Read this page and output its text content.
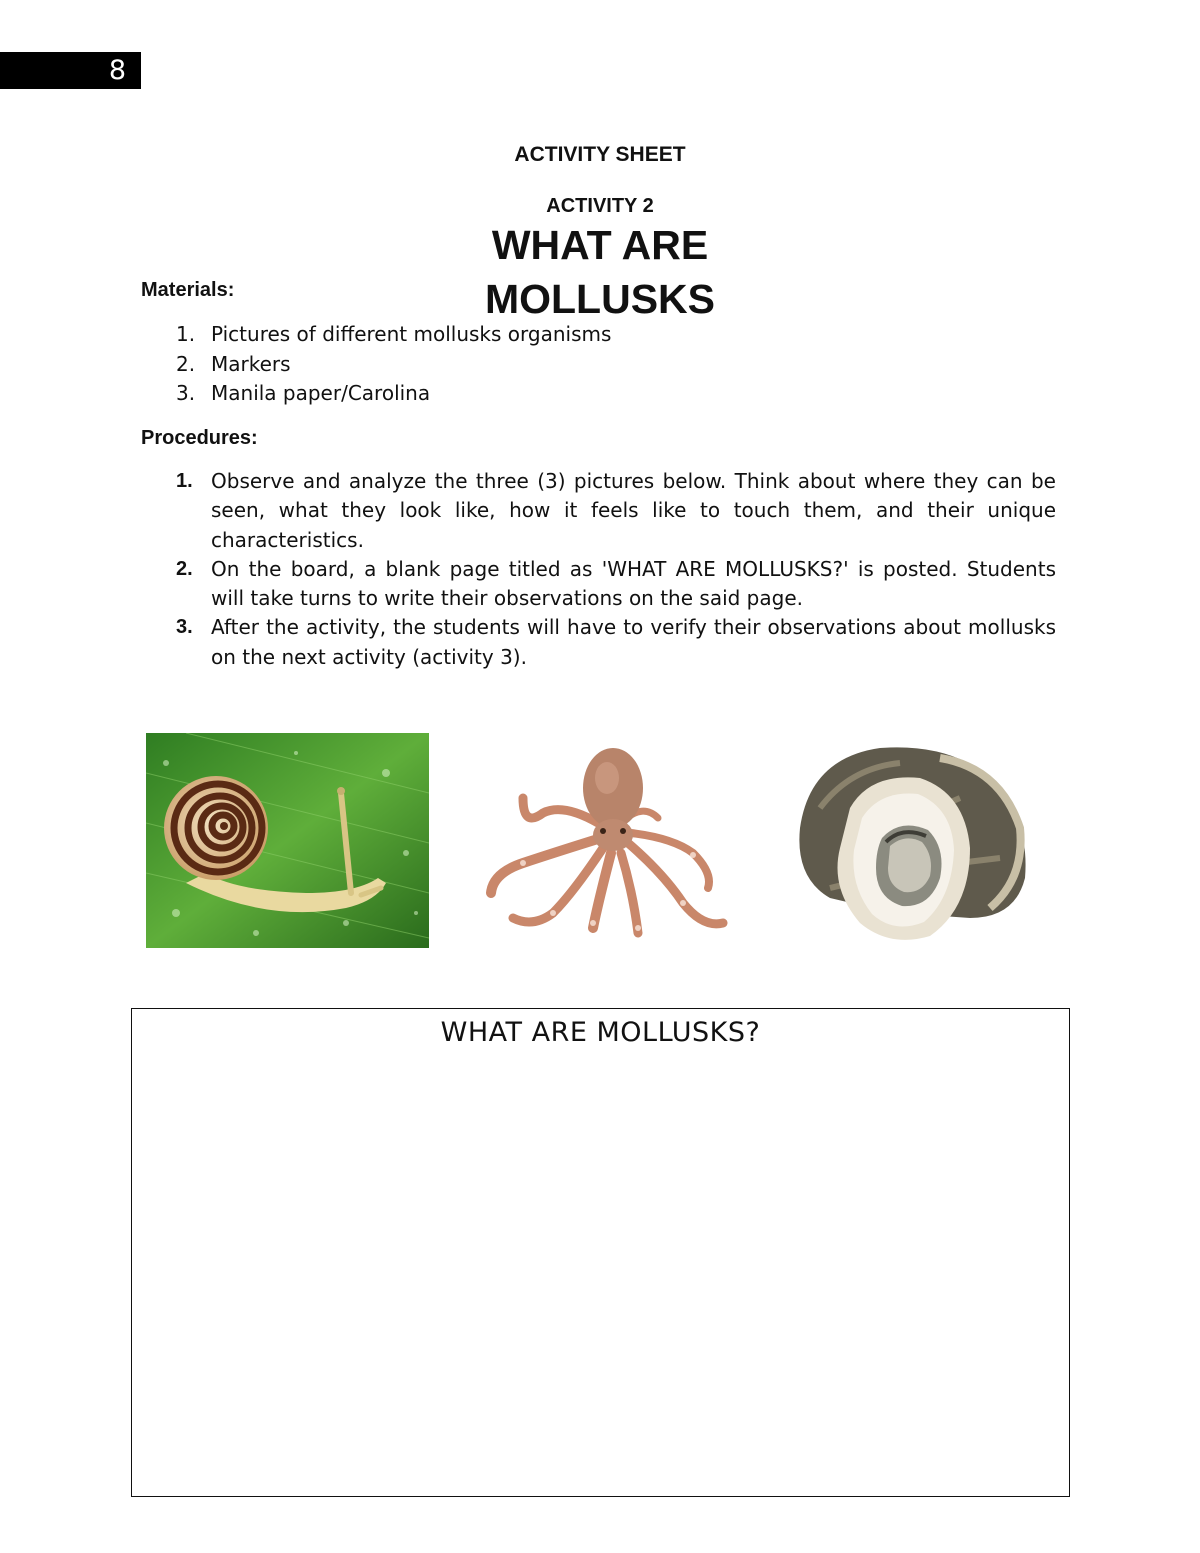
8
ACTIVITY SHEET
ACTIVITY 2
WHAT ARE
MOLLUSKS
Materials:
1. Pictures of different mollusks organisms
2. Markers
3. Manila paper/Carolina
Procedures:
1. Observe and analyze the three (3) pictures below. Think about where they can be seen, what they look like, how it feels like to touch them, and their unique characteristics.
2. On the board, a blank page titled as 'WHAT ARE MOLLUSKS?' is posted. Students will take turns to write their observations on the said page.
3. After the activity, the students will have to verify their observations about mollusks on the next activity (activity 3).
WHAT ARE MOLLUSKS?
